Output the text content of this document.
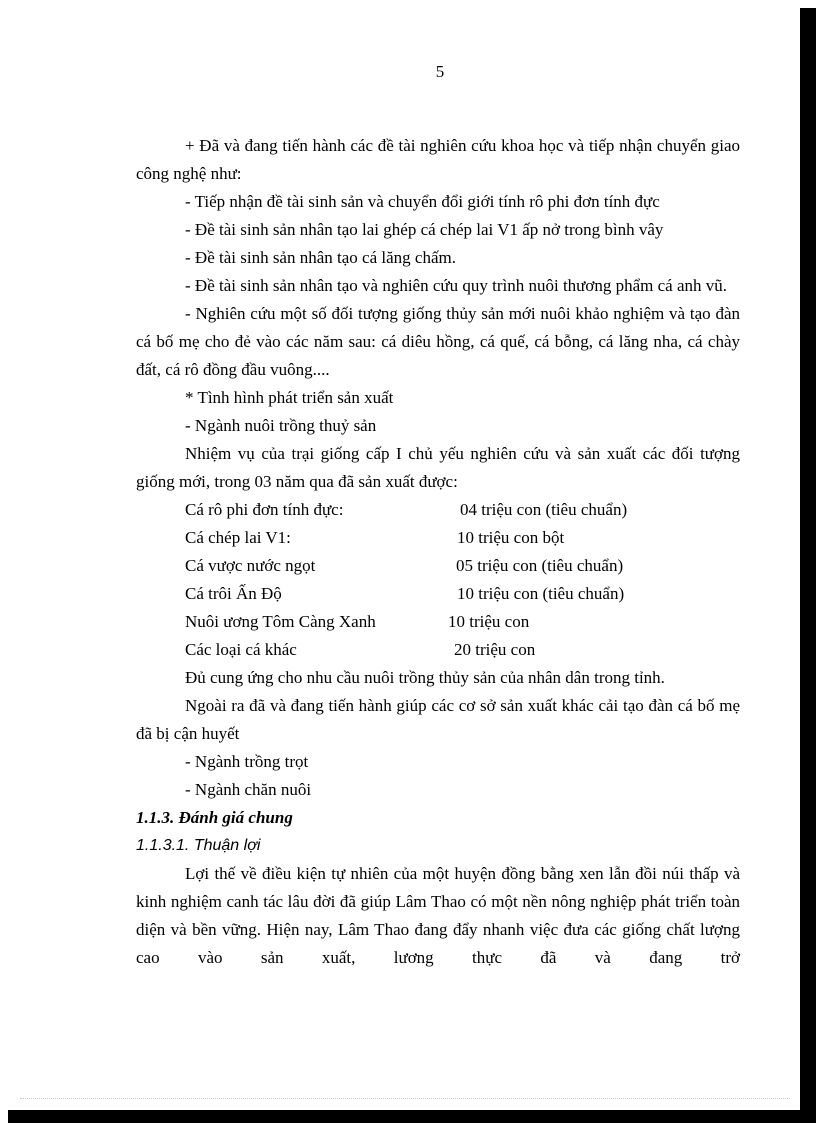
5

+ Đã và đang tiến hành các đề tài nghiên cứu khoa học và tiếp nhận chuyển giao công nghệ như:

- Tiếp nhận đề tài sinh sản và chuyển đổi giới tính rô phi đơn tính đực

- Đề tài sinh sản nhân tạo lai ghép cá chép lai V1 ấp nở trong bình vây

- Đề tài sinh sản nhân tạo cá lăng chấm.

- Đề tài sinh sản nhân tạo và nghiên cứu quy trình nuôi thương phẩm cá anh vũ.

- Nghiên cứu một số đối tượng giống thủy sản mới nuôi khảo nghiệm và tạo đàn cá bố mẹ cho đẻ vào các năm sau: cá diêu hồng, cá quế, cá bỗng, cá lăng nha, cá chày đất, cá rô đồng đầu vuông....

* Tình hình phát triển sản xuất

- Ngành nuôi trồng thuỷ sản

Nhiệm vụ của trại giống cấp I chủ yếu nghiên cứu và sản xuất các đối tượng giống mới, trong 03 năm qua đã sản xuất được:

Cá rô phi đơn tính đực:	04 triệu con (tiêu chuẩn)
Cá chép lai V1:	10 triệu con bột
Cá vược nước ngọt	05 triệu con (tiêu chuẩn)
Cá trôi Ấn Độ	10 triệu con (tiêu chuẩn)
Nuôi ương Tôm Càng Xanh	10 triệu con
Các loại cá khác	20 triệu con

Đủ cung ứng cho nhu cầu nuôi trồng thủy sản của nhân dân trong tỉnh.

Ngoài ra đã và đang tiến hành giúp các cơ sở sản xuất khác cải tạo đàn cá bố mẹ đã bị cận huyết

- Ngành trồng trọt

- Ngành chăn nuôi

1.1.3. Đánh giá chung

1.1.3.1. Thuận lợi

Lợi thế về điều kiện tự nhiên của một huyện đồng bằng xen lẫn đồi núi thấp và kinh nghiệm canh tác lâu đời đã giúp Lâm Thao có một nền nông nghiệp phát triển toàn diện và bền vững. Hiện nay, Lâm Thao đang đẩy nhanh việc đưa các giống chất lượng cao vào sản xuất, lương thực đã và đang trở
